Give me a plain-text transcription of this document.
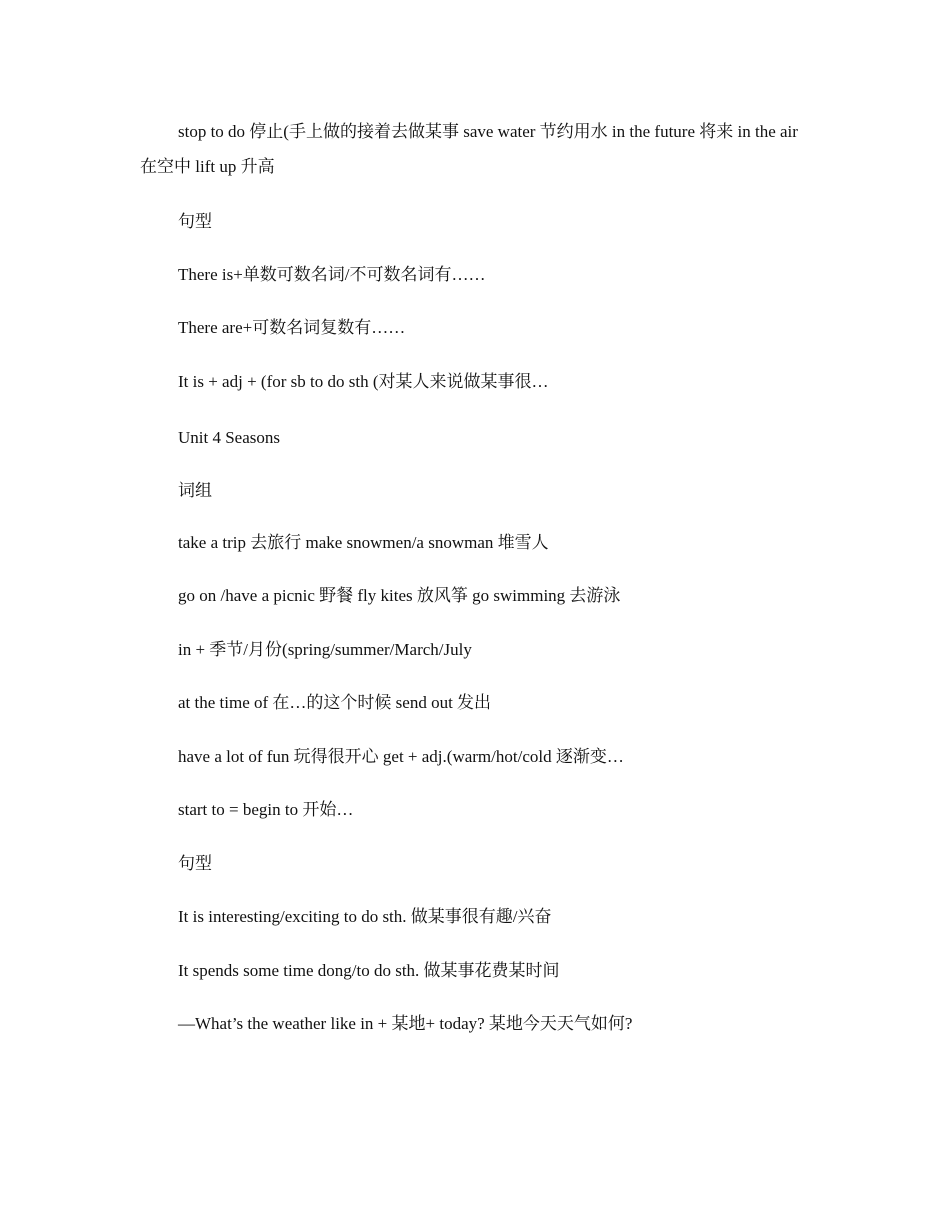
stop to do 停止(手上做的接着去做某事 save water 节约用水 in the future 将来 in the air 在空中 lift up 升高
句型
There is+单数可数名词/不可数名词有……
There are+可数名词复数有……
It is + adj + (for sb to do sth (对某人来说做某事很…
Unit 4 Seasons
词组
take a trip 去旅行 make snowmen/a snowman 堆雪人
go on /have a picnic 野餐 fly kites 放风筝 go swimming 去游泳
in + 季节/月份(spring/summer/March/July
at the time of 在…的这个时候 send out 发出
have a lot of fun 玩得很开心 get + adj.(warm/hot/cold 逐渐变…
start to = begin to 开始…
句型
It is interesting/exciting to do sth. 做某事很有趣/兴奋
It spends some time dong/to do sth. 做某事花费某时间
—What’s the weather like in + 某地+ today? 某地今天天气如何?
